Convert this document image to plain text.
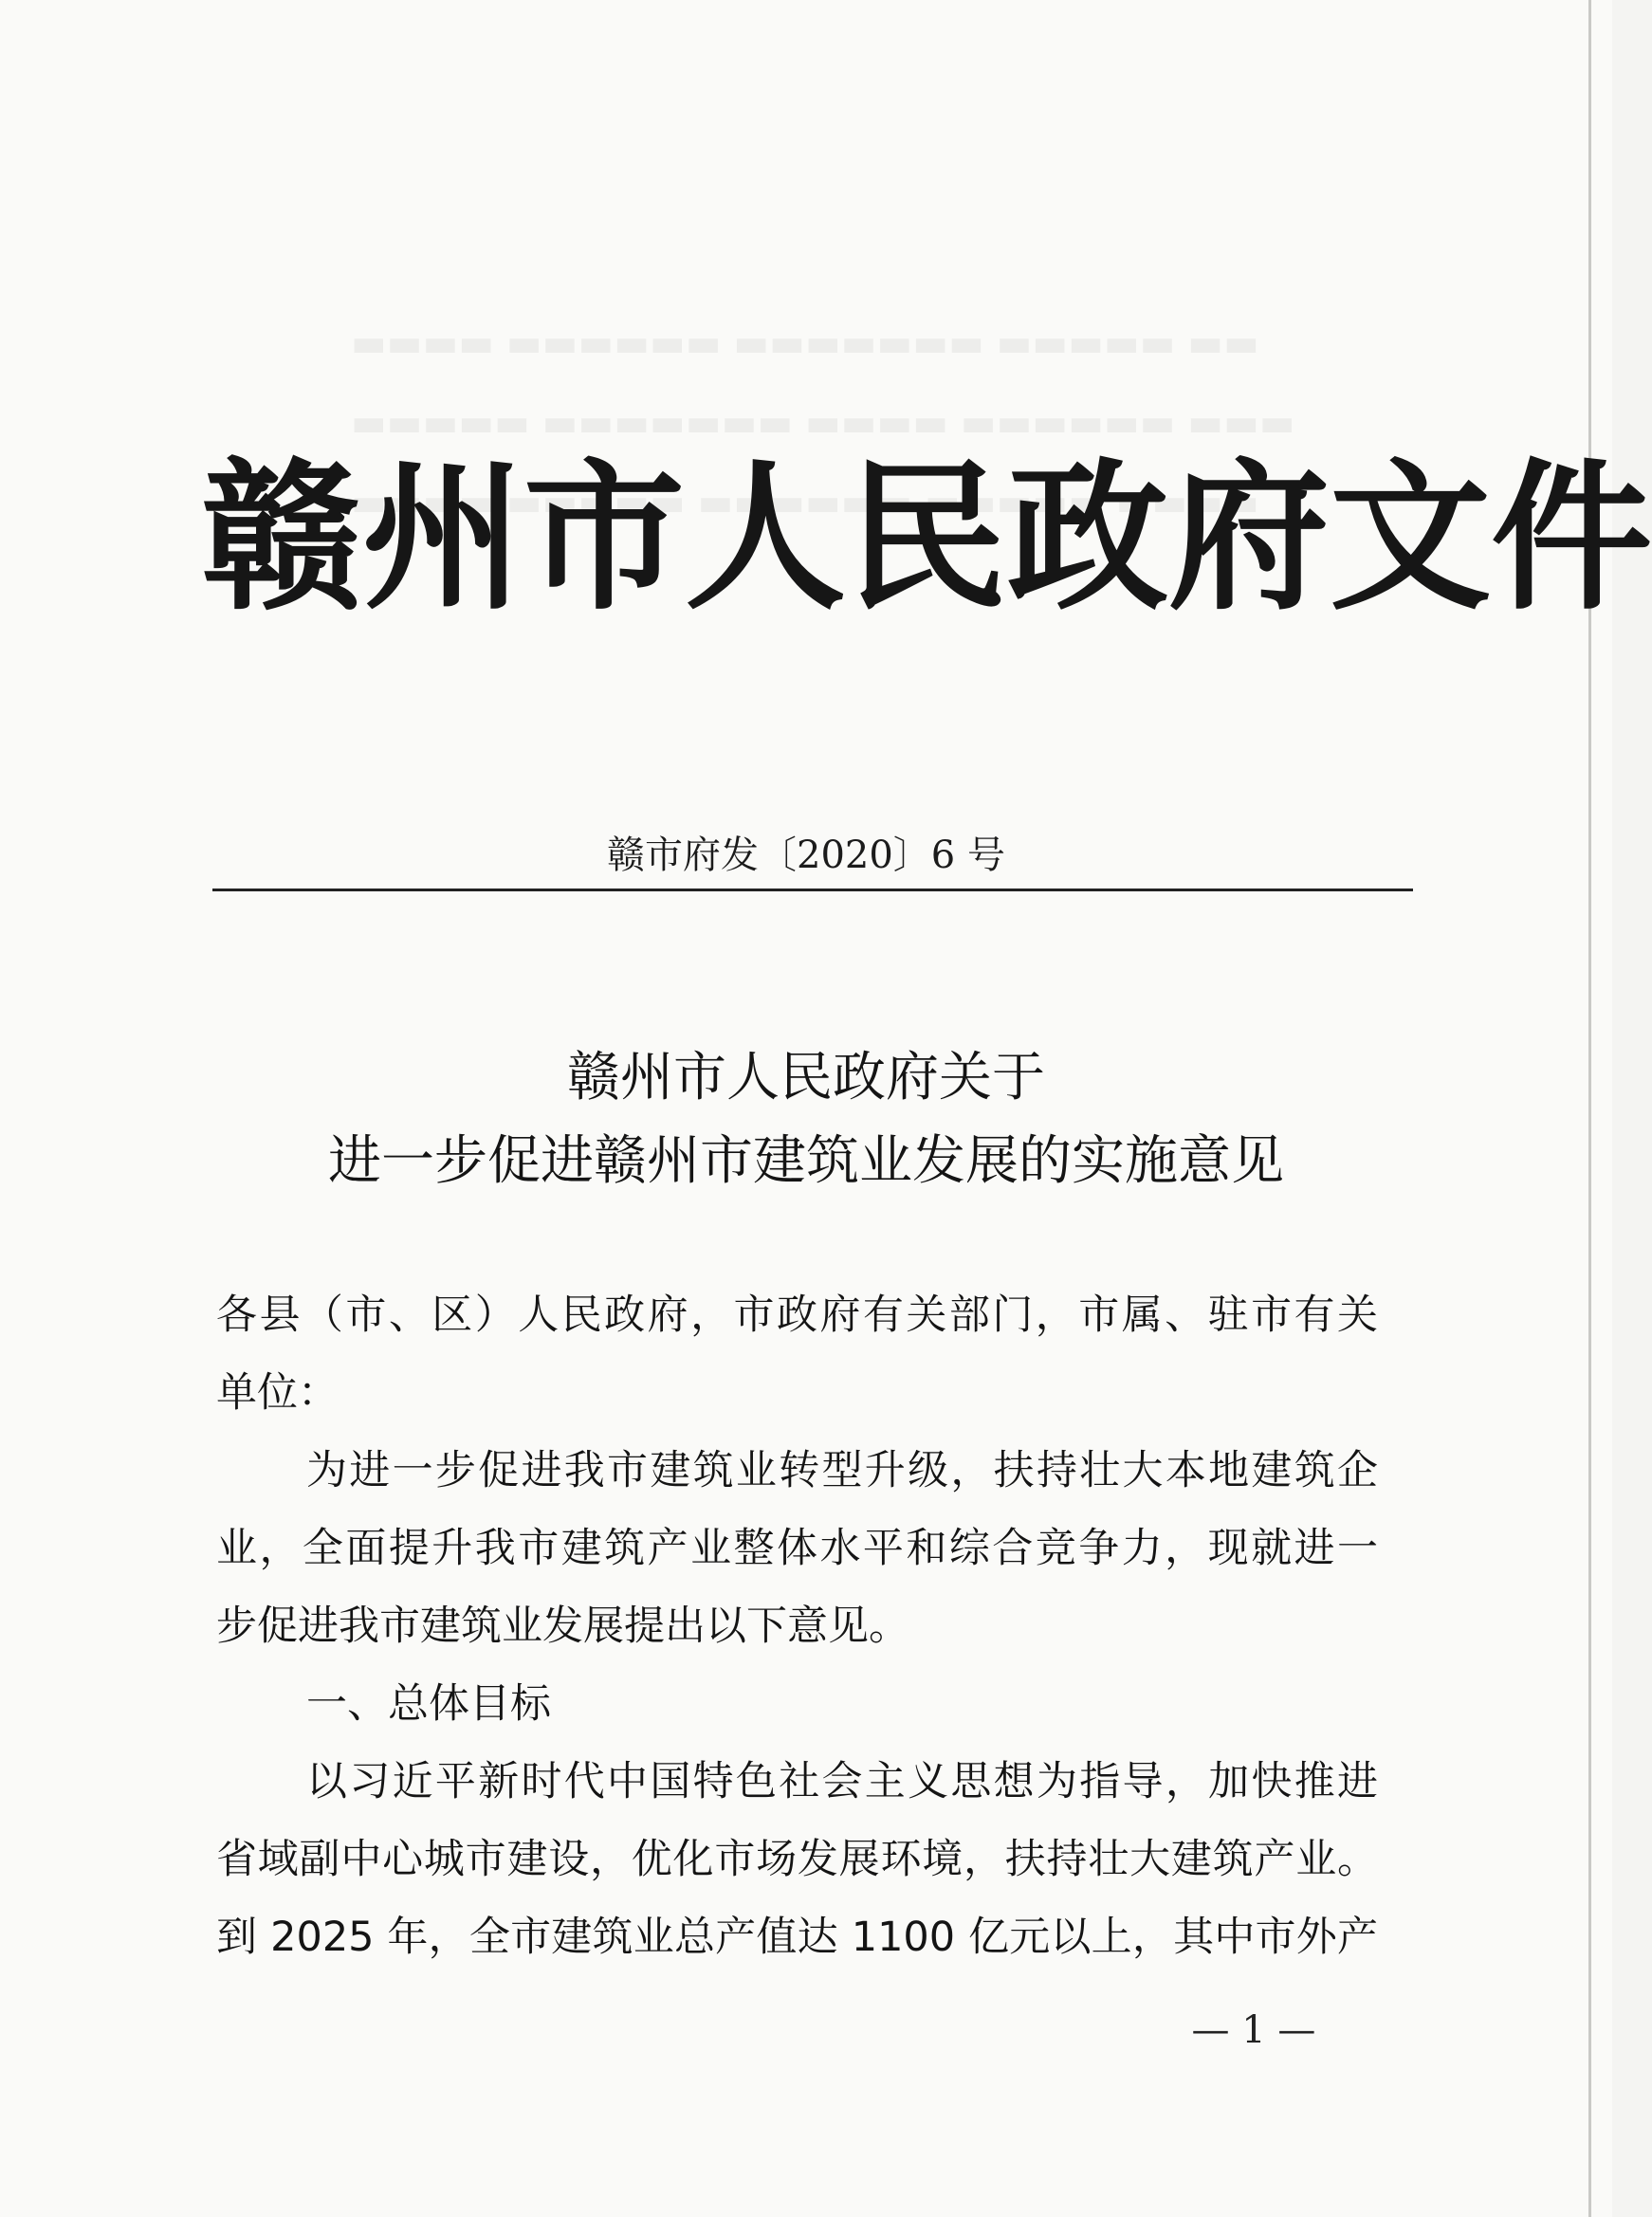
▬▬▬▬ ▬▬▬▬▬▬ ▬▬▬▬▬▬▬ ▬▬▬▬▬ ▬▬
▬▬▬▬▬ ▬▬▬▬▬▬▬ ▬▬▬▬ ▬▬▬▬▬▬ ▬▬▬
▬▬▬▬ ▬▬▬▬▬ ▬▬▬▬▬▬ ▬▬▬▬▬ ▬▬▬▬
赣 州 市 人 民 政 府 文 件
赣市府发〔2020〕6 号
赣州市人民政府关于
进一步促进赣州市建筑业发展的实施意见
各县（市、区）人民政府，市政府有关部门，市属、驻市有关
单位：
为进一步促进我市建筑业转型升级，扶持壮大本地建筑企
业，全面提升我市建筑产业整体水平和综合竞争力，现就进一
步促进我市建筑业发展提出以下意见。
一、总体目标
以习近平新时代中国特色社会主义思想为指导，加快推进
省域副中心城市建设，优化市场发展环境，扶持壮大建筑产业。
到 2025 年，全市建筑业总产值达 1100 亿元以上，其中市外产
— 1 —
